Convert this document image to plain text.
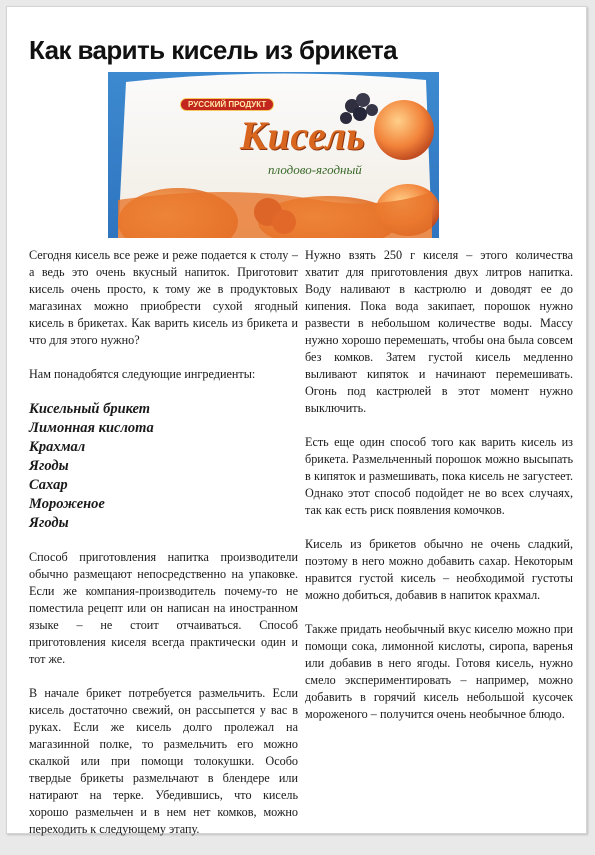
Как варить кисель из брикета
РУССКИЙ ПРОДУКТ
Кисель
плодово-ягодный

Сегодня кисель все реже и реже подается к столу – а ведь это очень вкусный напиток. Приготовит кисель очень просто, к тому же в продуктовых магазинах можно приобрести сухой ягодный кисель в брикетах. Как варить кисель из брикета и что для этого нужно?

Нам понадобятся следующие ингредиенты:

Кисельный брикет
Лимонная кислота
Крахмал
Ягоды
Сахар
Мороженое
Ягоды

Способ приготовления напитка производители обычно размещают непосредственно на упаковке. Если же компания-производитель почему-то не поместила рецепт или он написан на иностранном языке – не стоит отчаиваться. Способ приготовления киселя всегда практически один и тот же.

В начале брикет потребуется размельчить. Если кисель достаточно свежий, он рассыпется у вас в руках. Если же кисель долго пролежал на магазинной полке, то размельчить его можно скалкой или при помощи толокушки. Особо твердые брикеты размельчают в блендере или натирают на терке. Убедившись, что кисель хорошо размельчен и в нем нет комков, можно переходить к следующему этапу.

Нужно взять 250 г киселя – этого количества хватит для приготовления двух литров напитка. Воду наливают в кастрюлю и доводят ее до кипения. Пока вода закипает, порошок нужно развести в небольшом количестве воды. Массу нужно хорошо перемешать, чтобы она была совсем без комков. Затем густой кисель медленно выливают кипяток и начинают перемешивать. Огонь под кастрюлей в этот момент нужно выключить.

Есть еще один способ того как варить кисель из брикета. Размельченный порошок можно высыпать в кипяток и размешивать, пока кисель не загустеет. Однако этот способ подойдет не во всех случаях, так как есть риск появления комочков.

Кисель из брикетов обычно не очень сладкий, поэтому в него можно добавить сахар. Некоторым нравится густой кисель – необходимой густоты можно добиться, добавив в напиток крахмал.

Также придать необычный вкус киселю можно при помощи сока, лимонной кислоты, сиропа, варенья или добавив в него ягоды. Готовя кисель, нужно смело экспериментировать – например, можно добавить в горячий кисель небольшой кусочек мороженого – получится очень необычное блюдо.
